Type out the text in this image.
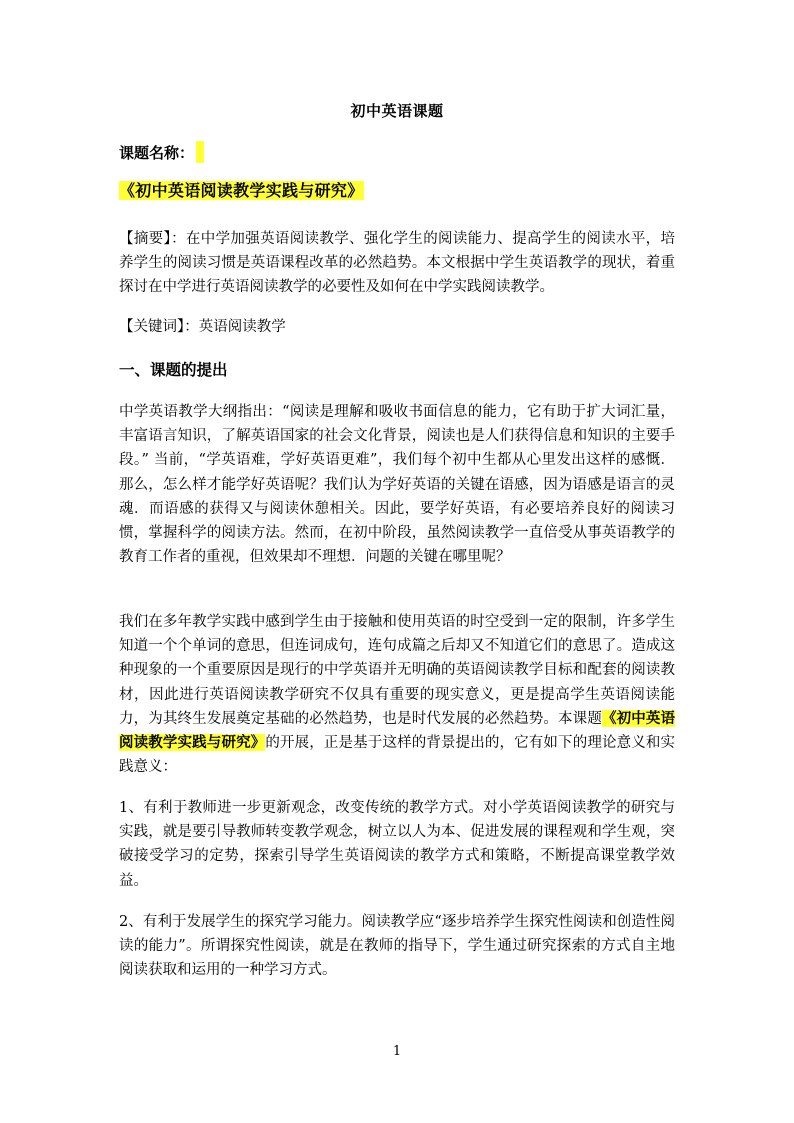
初中英语课题
课题名称：
《初中英语阅读教学实践与研究》
【摘要】：在中学加强英语阅读教学、强化学生的阅读能力、提高学生的阅读水平，培养学生的阅读习惯是英语课程改革的必然趋势。本文根据中学生英语教学的现状，着重探讨在中学进行英语阅读教学的必要性及如何在中学实践阅读教学。
【关键词】：英语阅读教学
一、课题的提出
中学英语教学大纲指出：“阅读是理解和吸收书面信息的能力，它有助于扩大词汇量，丰富语言知识，了解英语国家的社会文化背景，阅读也是人们获得信息和知识的主要手段。” 当前，“学英语难，学好英语更难”，我们每个初中生都从心里发出这样的感慨．那么，怎么样才能学好英语呢？我们认为学好英语的关键在语感，因为语感是语言的灵魂．而语感的获得又与阅读休憩相关。因此，要学好英语，有必要培养良好的阅读习惯，掌握科学的阅读方法。然而，在初中阶段，虽然阅读教学一直倍受从事英语教学的教育工作者的重视，但效果却不理想．问题的关键在哪里呢？
我们在多年教学实践中感到学生由于接触和使用英语的时空受到一定的限制，许多学生知道一个个单词的意思，但连词成句，连句成篇之后却又不知道它们的意思了。造成这种现象的一个重要原因是现行的中学英语并无明确的英语阅读教学目标和配套的阅读教材，因此进行英语阅读教学研究不仅具有重要的现实意义，更是提高学生英语阅读能力，为其终生发展奠定基础的必然趋势，也是时代发展的必然趋势。本课题《初中英语阅读教学实践与研究》的开展，正是基于这样的背景提出的，它有如下的理论意义和实践意义：
1、有利于教师进一步更新观念，改变传统的教学方式。对小学英语阅读教学的研究与实践，就是要引导教师转变教学观念，树立以人为本、促进发展的课程观和学生观，突破接受学习的定势，探索引导学生英语阅读的教学方式和策略，不断提高课堂教学效益。
2、有利于发展学生的探究学习能力。阅读教学应“逐步培养学生探究性阅读和创造性阅读的能力”。所谓探究性阅读，就是在教师的指导下，学生通过研究探索的方式自主地阅读获取和运用的一种学习方式。
1
